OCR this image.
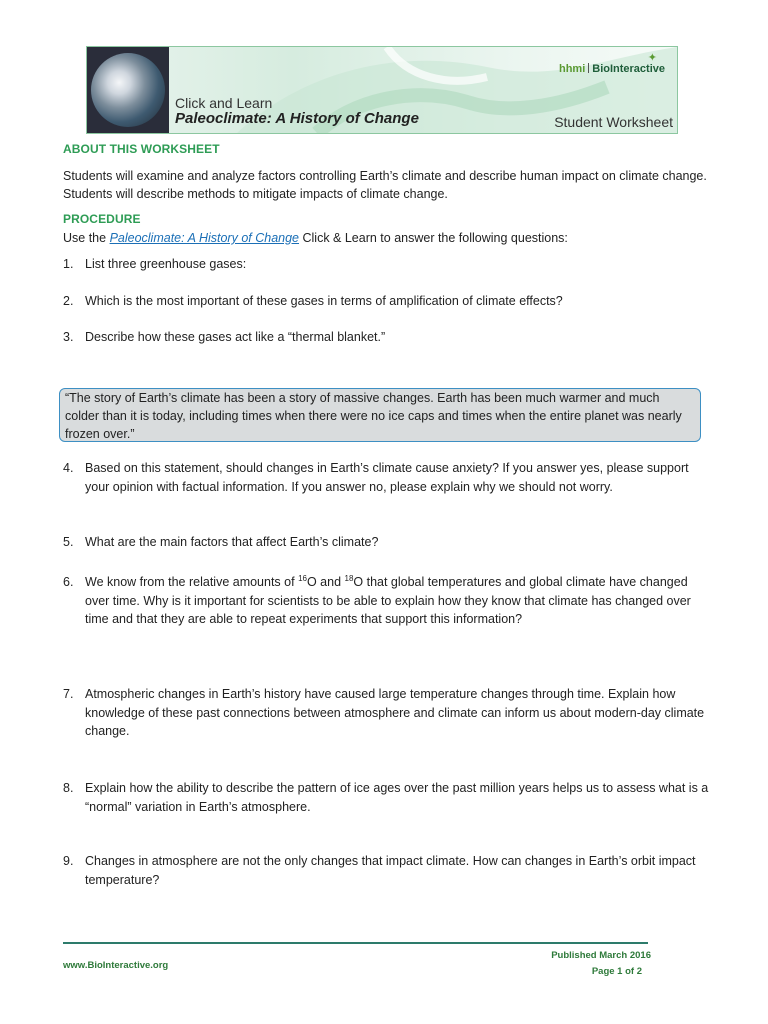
Click and Learn
Paleoclimate: A History of Change
✦
hhmi BioInteractive
Student Worksheet
ABOUT THIS WORKSHEET
Students will examine and analyze factors controlling Earth’s climate and describe human impact on climate change.
Students will describe methods to mitigate impacts of climate change.
PROCEDURE
Use the Paleoclimate: A History of Change Click & Learn to answer the following questions:
1. List three greenhouse gases:
2. Which is the most important of these gases in terms of amplification of climate effects?
3. Describe how these gases act like a “thermal blanket.”
“The story of Earth’s climate has been a story of massive changes. Earth has been much warmer and much colder than it is today, including times when there were no ice caps and times when the entire planet was nearly frozen over.”
4. Based on this statement, should changes in Earth’s climate cause anxiety? If you answer yes, please support your opinion with factual information. If you answer no, please explain why we should not worry.
5. What are the main factors that affect Earth’s climate?
6. We know from the relative amounts of $^{16}$O and $^{18}$O that global temperatures and global climate have changed over time. Why is it important for scientists to be able to explain how they know that climate has changed over time and that they are able to repeat experiments that support this information?
7. Atmospheric changes in Earth’s history have caused large temperature changes through time. Explain how knowledge of these past connections between atmosphere and climate can inform us about modern-day climate change.
8. Explain how the ability to describe the pattern of ice ages over the past million years helps us to assess what is a “normal” variation in Earth’s atmosphere.
9. Changes in atmosphere are not the only changes that impact climate. How can changes in Earth’s orbit impact temperature?
www.BioInteractive.org
Published March 2016
Page 1 of 2
